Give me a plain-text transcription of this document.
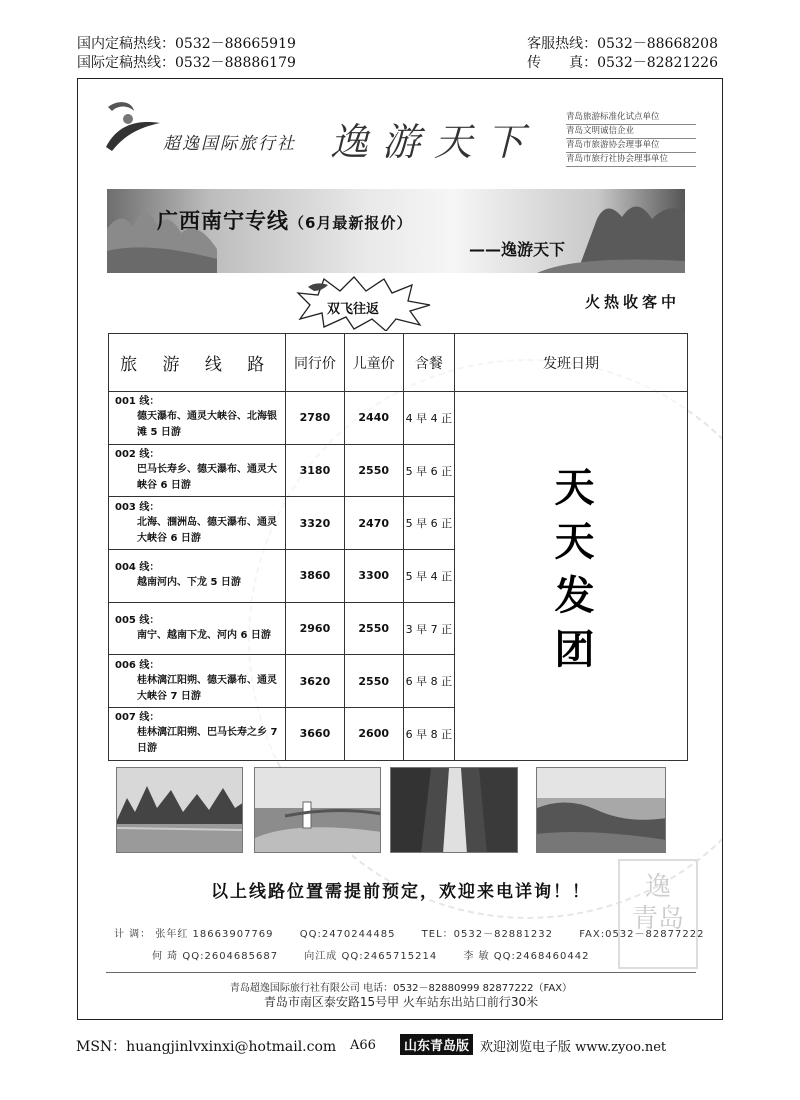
国内定稿热线：0532－88665919
国际定稿热线：0532－88886179
客服热线：0532－88668208
传　　真：0532－82821226
超逸国际旅行社 逸游天下
青岛旅游标准化试点单位
青岛文明诚信企业
青岛市旅游协会理事单位
青岛市旅行社协会理事单位
广西南宁专线（6月最新报价）
——逸游天下
双飞往返	火热收客中
旅 游 线 路	同行价	儿童价	含餐	发班日期

001 线：
德天瀑布、通灵大峡谷、北海银滩 5 日游	2780	2440	4 早 4 正	天天发团

002 线：
巴马长寿乡、德天瀑布、通灵大峡谷 6 日游	3180	2550	5 早 6 正	

003 线：
北海、涠洲岛、德天瀑布、通灵大峡谷 6 日游	3320	2470	5 早 6 正	

004 线：
越南河内、下龙 5 日游	3860	3300	5 早 4 正	

005 线：
南宁、越南下龙、河内 6 日游	2960	2550	3 早 7 正	

006 线：
桂林漓江阳朔、德天瀑布、通灵大峡谷 7 日游	3620	2550	6 早 8 正	

007 线：
桂林漓江阳朔、巴马长寿之乡 7 日游	3660	2600	6 早 8 正	
逸
青岛
以上线路位置需提前预定，欢迎来电详询！！
计 调： 张年红 18663907769	QQ:2470244485	TEL：0532－82881232	FAX:0532－82877222
何 琦 QQ:2604685687	向江成 QQ:2465715214	李 敏 QQ:2468460442
青岛超逸国际旅行社有限公司 电话：0532－82880999 82877222（FAX）
青岛市南区泰安路15号甲 火车站东出站口前行30米
MSN：huangjinlvxinxi@hotmail.com A66	山东青岛版 欢迎浏览电子版 www.zyoo.net
